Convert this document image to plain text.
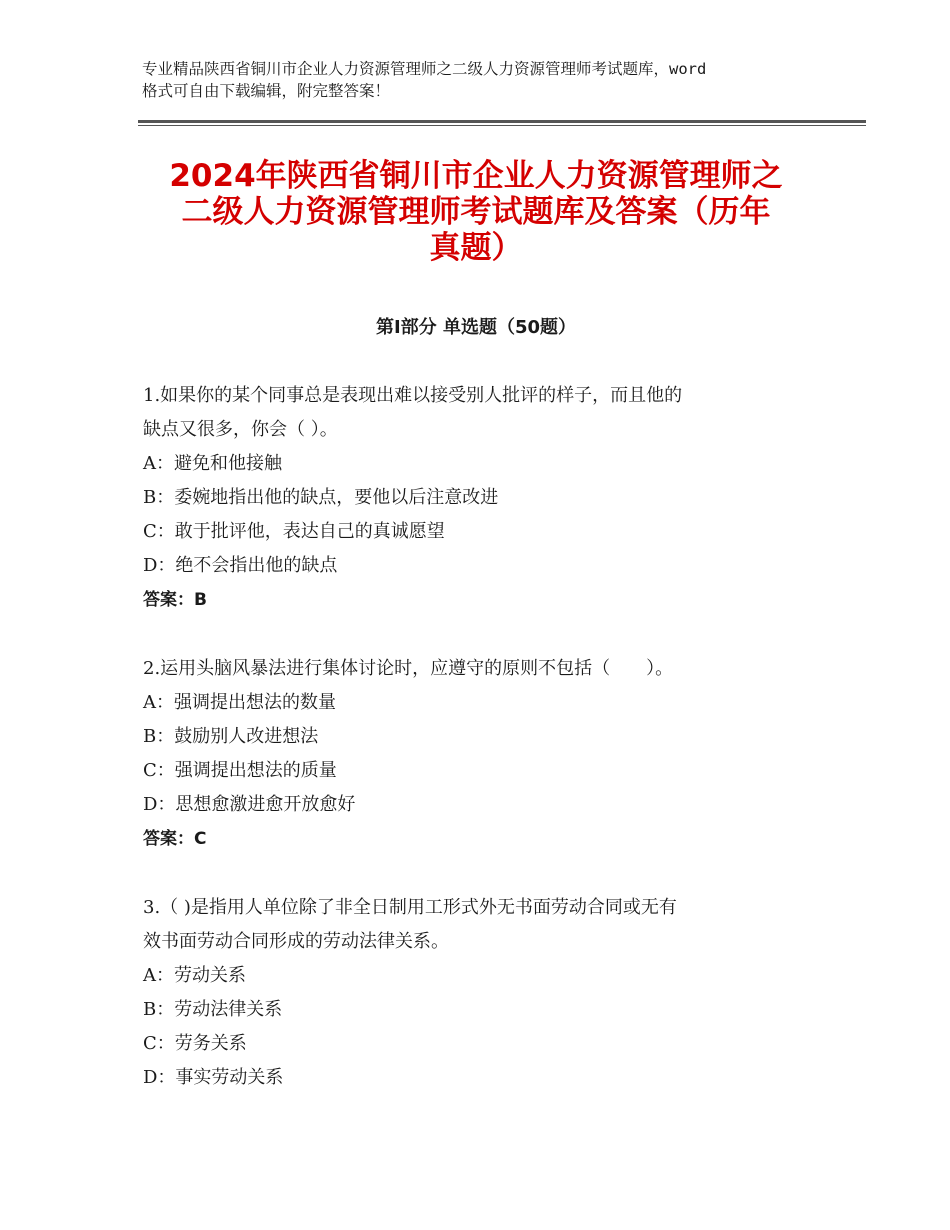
专业精品陕西省铜川市企业人力资源管理师之二级人力资源管理师考试题库，word
格式可自由下载编辑，附完整答案！
2024年陕西省铜川市企业人力资源管理师之
二级人力资源管理师考试题库及答案（历年
真题）
第Ⅰ部分 单选题（50题）
1.如果你的某个同事总是表现出难以接受别人批评的样子，而且他的
缺点又很多，你会（ ）。
A：避免和他接触
B：委婉地指出他的缺点，要他以后注意改进
C：敢于批评他，表达自己的真诚愿望
D：绝不会指出他的缺点
答案：B
2.运用头脑风暴法进行集体讨论时，应遵守的原则不包括（　　）。
A：强调提出想法的数量
B：鼓励别人改进想法
C：强调提出想法的质量
D：思想愈激进愈开放愈好
答案：C
3.（ )是指用人单位除了非全日制用工形式外无书面劳动合同或无有
效书面劳动合同形成的劳动法律关系。
A：劳动关系
B：劳动法律关系
C：劳务关系
D：事实劳动关系
